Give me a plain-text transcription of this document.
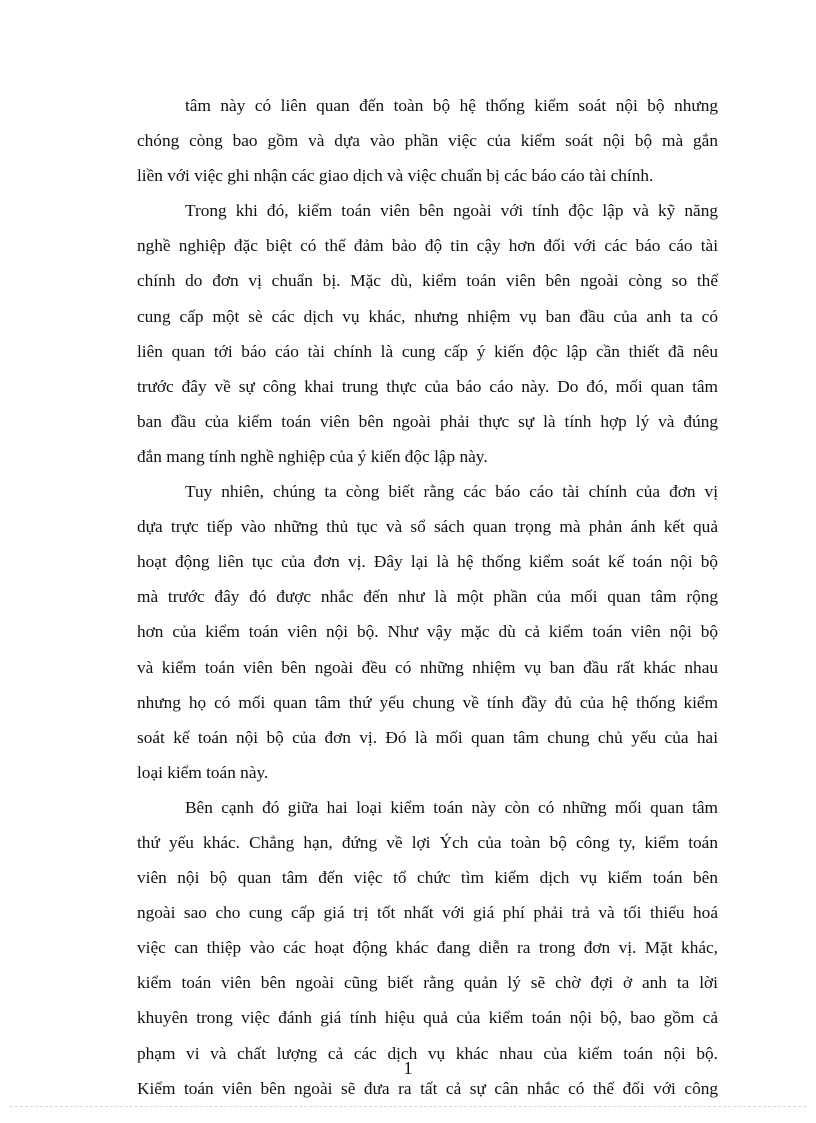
tâm này có liên quan đến toàn bộ hệ thống kiểm soát nội bộ nhưng
chóng còng bao gồm và dựa vào phần việc của kiểm soát nội bộ mà gắn
liền với việc ghi nhận các giao dịch và việc chuẩn bị các báo cáo tài chính.

Trong khi đó, kiểm toán viên bên ngoài với tính độc lập và kỹ năng
nghề nghiệp đặc biệt có thể đảm bảo độ tin cậy hơn đối với các báo cáo tài
chính do đơn vị chuẩn bị. Mặc dù, kiểm toán viên bên ngoài còng so thể
cung cấp một sè các dịch vụ khác, nhưng nhiệm vụ ban đầu của anh ta có
liên quan tới báo cáo tài chính là cung cấp ý kiến độc lập cần thiết đã nêu
trước đây về sự công khai trung thực của báo cáo này. Do đó, mối quan tâm
ban đầu của kiểm toán viên bên ngoài phải thực sự là tính hợp lý và đúng
đắn mang tính nghề nghiệp của ý kiến độc lập này.

Tuy nhiên, chúng ta còng biết rằng các báo cáo tài chính của đơn vị
dựa trực tiếp vào những thủ tục và sổ sách quan trọng mà phản ánh kết quả
hoạt động liên tục của đơn vị. Đây lại là hệ thống kiểm soát kế toán nội bộ
mà trước đây đó được nhắc đến như là một phần của mối quan tâm rộng
hơn của kiểm toán viên nội bộ. Như vậy mặc dù cả kiểm toán viên nội bộ
và kiểm toán viên bên ngoài đều có những nhiệm vụ ban đầu rất khác nhau
nhưng họ có mối quan tâm thứ yếu chung về tính đầy đủ của hệ thống kiểm
soát kế toán nội bộ của đơn vị. Đó là mối quan tâm chung chủ yếu của hai
loại kiểm toán này.

Bên cạnh đó giữa hai loại kiểm toán này còn có những mối quan tâm
thứ yếu khác. Chẳng hạn, đứng về lợi Ých của toàn bộ công ty, kiểm toán
viên nội bộ quan tâm đến việc tổ chức tìm kiếm dịch vụ kiểm toán bên
ngoài sao cho cung cấp giá trị tốt nhất với giá phí phải trả và tối thiểu hoá
việc can thiệp vào các hoạt động khác đang diễn ra trong đơn vị. Mặt khác,
kiểm toán viên bên ngoài cũng biết rằng quản lý sẽ chờ đợi ở anh ta lời
khuyên trong việc đánh giá tính hiệu quả của kiểm toán nội bộ, bao gồm cả
phạm vi và chất lượng cả các dịch vụ khác nhau của kiểm toán nội bộ.
Kiểm toán viên bên ngoài sẽ đưa ra tất cả sự cân nhắc có thể đối với công

1
